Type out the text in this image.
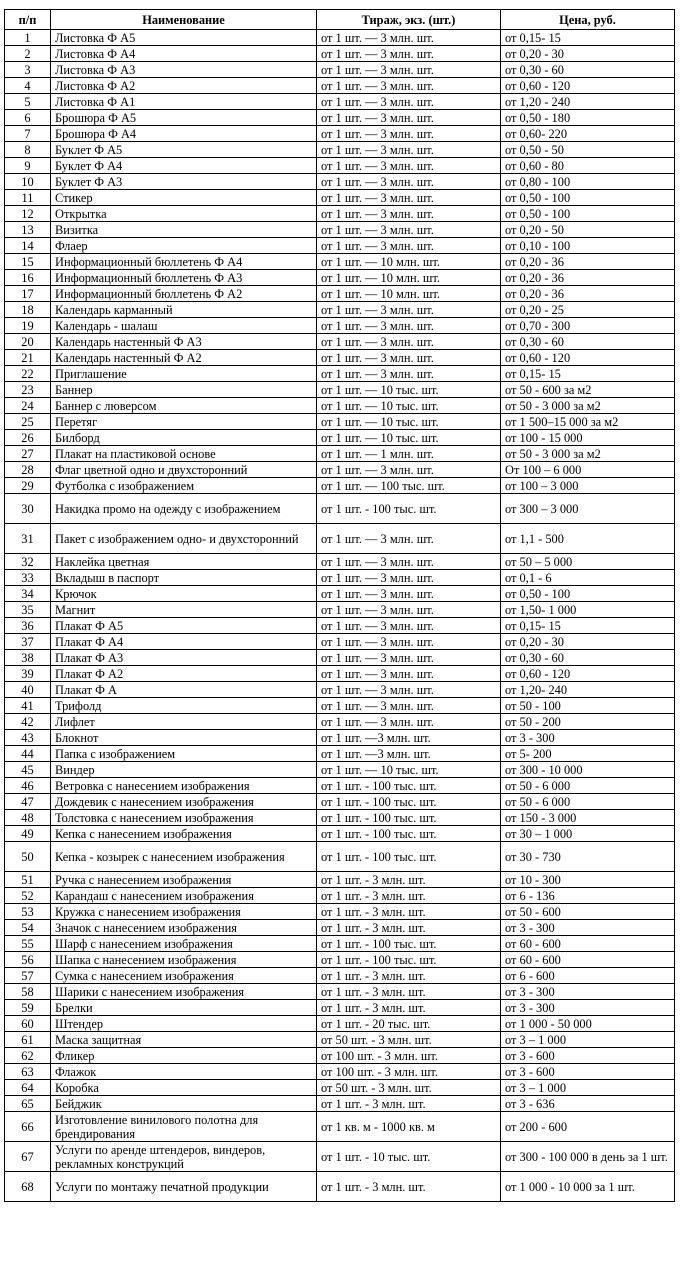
п/п	Наименование	Тираж, экз. (шт.)	Цена, руб.
1	Листовка Ф А5	от 1 шт. — 3 млн. шт.	от 0,15- 15
2	Листовка Ф А4	от 1 шт. — 3 млн. шт.	от 0,20 - 30
3	Листовка Ф А3	от 1 шт. — 3 млн. шт.	от 0,30 - 60
4	Листовка Ф А2	от 1 шт. — 3 млн. шт.	от 0,60 - 120
5	Листовка Ф А1	от 1 шт. — 3 млн. шт.	от 1,20 - 240
6	Брошюра Ф А5	от 1 шт. — 3 млн. шт.	от 0,50 - 180
7	Брошюра Ф А4	от 1 шт. — 3 млн. шт.	от 0,60- 220
8	Буклет Ф А5	от 1 шт. — 3 млн. шт.	от 0,50 - 50
9	Буклет Ф А4	от 1 шт. — 3 млн. шт.	от 0,60 - 80
10	Буклет Ф А3	от 1 шт. — 3 млн. шт.	от 0,80 - 100
11	Стикер	от 1 шт. — 3 млн. шт.	от 0,50 - 100
12	Открытка	от 1 шт. — 3 млн. шт.	от 0,50 - 100
13	Визитка	от 1 шт. — 3 млн. шт.	от 0,20 - 50
14	Флаер	от 1 шт. — 3 млн. шт.	от 0,10 - 100
15	Информационный бюллетень Ф А4	от 1 шт. — 10 млн. шт.	от 0,20 - 36
16	Информационный бюллетень Ф А3	от 1 шт. — 10 млн. шт.	от 0,20 - 36
17	Информационный бюллетень Ф А2	от 1 шт. — 10 млн. шт.	от 0,20 - 36
18	Календарь карманный	от 1 шт. — 3 млн. шт.	от 0,20 - 25
19	Календарь - шалаш	от 1 шт. — 3 млн. шт.	от 0,70 - 300
20	Календарь настенный Ф А3	от 1 шт. — 3 млн. шт.	от 0,30 - 60
21	Календарь настенный Ф А2	от 1 шт. — 3 млн. шт.	от 0,60 - 120
22	Приглашение	от 1 шт. — 3 млн. шт.	от 0,15- 15
23	Баннер	от 1 шт. — 10 тыс. шт.	от 50 - 600 за м2
24	Баннер с люверсом	от 1 шт. — 10 тыс. шт.	от 50 - 3 000 за м2
25	Перетяг	от 1 шт. — 10 тыс. шт.	от 1 500–15 000 за м2
26	Билборд	от 1 шт. — 10 тыс. шт.	от 100 - 15 000
27	Плакат на пластиковой основе	от 1 шт. — 1 млн. шт.	от 50 - 3 000 за м2
28	Флаг цветной одно и двухсторонний	от 1 шт. — 3 млн. шт.	От 100 – 6 000
29	Футболка с изображением	от 1 шт. — 100 тыс. шт.	от 100 – 3 000
30	Накидка промо на одежду с изображением	от 1 шт. - 100 тыс. шт.	от 300 – 3 000
31	Пакет с изображением одно- и двухсторонний	от 1 шт. — 3 млн. шт.	от 1,1 - 500
32	Наклейка цветная	от 1 шт. — 3 млн. шт.	от 50 – 5 000
33	Вкладыш в паспорт	от 1 шт. — 3 млн. шт.	от 0,1 - 6
34	Крючок	от 1 шт. — 3 млн. шт.	от 0,50 - 100
35	Магнит	от 1 шт. — 3 млн. шт.	от 1,50- 1 000
36	Плакат Ф А5	от 1 шт. — 3 млн. шт.	от 0,15- 15
37	Плакат Ф А4	от 1 шт. — 3 млн. шт.	от 0,20 - 30
38	Плакат Ф А3	от 1 шт. — 3 млн. шт.	от 0,30 - 60
39	Плакат Ф А2	от 1 шт. — 3 млн. шт.	от 0,60 - 120
40	Плакат Ф А	от 1 шт. — 3 млн. шт.	от 1,20- 240
41	Трифолд	от 1 шт. — 3 млн. шт.	от 50 - 100
42	Лифлет	от 1 шт. — 3 млн. шт.	от 50 - 200
43	Блокнот	от 1 шт. —3 млн. шт.	от 3 - 300
44	Папка с изображением	от 1 шт. —3 млн. шт.	от 5- 200
45	Виндер	от 1 шт. — 10 тыс. шт.	от 300 - 10 000
46	Ветровка с нанесением изображения	от 1 шт. - 100 тыс. шт.	от 50 - 6 000
47	Дождевик с нанесением изображения	от 1 шт. - 100 тыс. шт.	от 50 - 6 000
48	Толстовка с нанесением изображения	от 1 шт. - 100 тыс. шт.	от 150 - 3 000
49	Кепка с нанесением изображения	от 1 шт. - 100 тыс. шт.	от 30 – 1 000
50	Кепка - козырек с нанесением изображения	от 1 шт. - 100 тыс. шт.	от 30 - 730
51	Ручка с нанесением изображения	от 1 шт. - 3 млн. шт.	от 10 - 300
52	Карандаш с нанесением изображения	от 1 шт. - 3 млн. шт.	от 6 - 136
53	Кружка с нанесением изображения	от 1 шт. - 3 млн. шт.	от 50 - 600
54	Значок с нанесением изображения	от 1 шт. - 3 млн. шт.	от 3 - 300
55	Шарф с нанесением изображения	от 1 шт. - 100 тыс. шт.	от 60 - 600
56	Шапка с нанесением изображения	от 1 шт. - 100 тыс. шт.	от 60 - 600
57	Сумка с нанесением изображения	от 1 шт. - 3 млн. шт.	от 6 - 600
58	Шарики с нанесением изображения	от 1 шт. - 3 млн. шт.	от 3 - 300
59	Брелки	от 1 шт. - 3 млн. шт.	от 3 - 300
60	Штендер	от 1 шт. - 20 тыс. шт.	от 1 000 - 50 000
61	Маска защитная	от 50 шт. - 3 млн. шт.	от 3 – 1 000
62	Фликер	от 100 шт. - 3 млн. шт.	от 3 - 600
63	Флажок	от 100 шт. - 3 млн. шт.	от 3 - 600
64	Коробка	от 50 шт. - 3 млн. шт.	от 3 – 1 000
65	Бейджик	от 1 шт. - 3 млн. шт.	от 3 - 636
66	Изготовление винилового полотна для брендирования	от 1 кв. м - 1000 кв. м	от 200 - 600
67	Услуги по аренде штендеров, виндеров, рекламных конструкций	от 1 шт. - 10 тыс. шт.	от 300 - 100 000 в день за 1 шт.
68	Услуги по монтажу печатной продукции	от 1 шт. - 3 млн. шт.	от 1 000 - 10 000 за 1 шт.
